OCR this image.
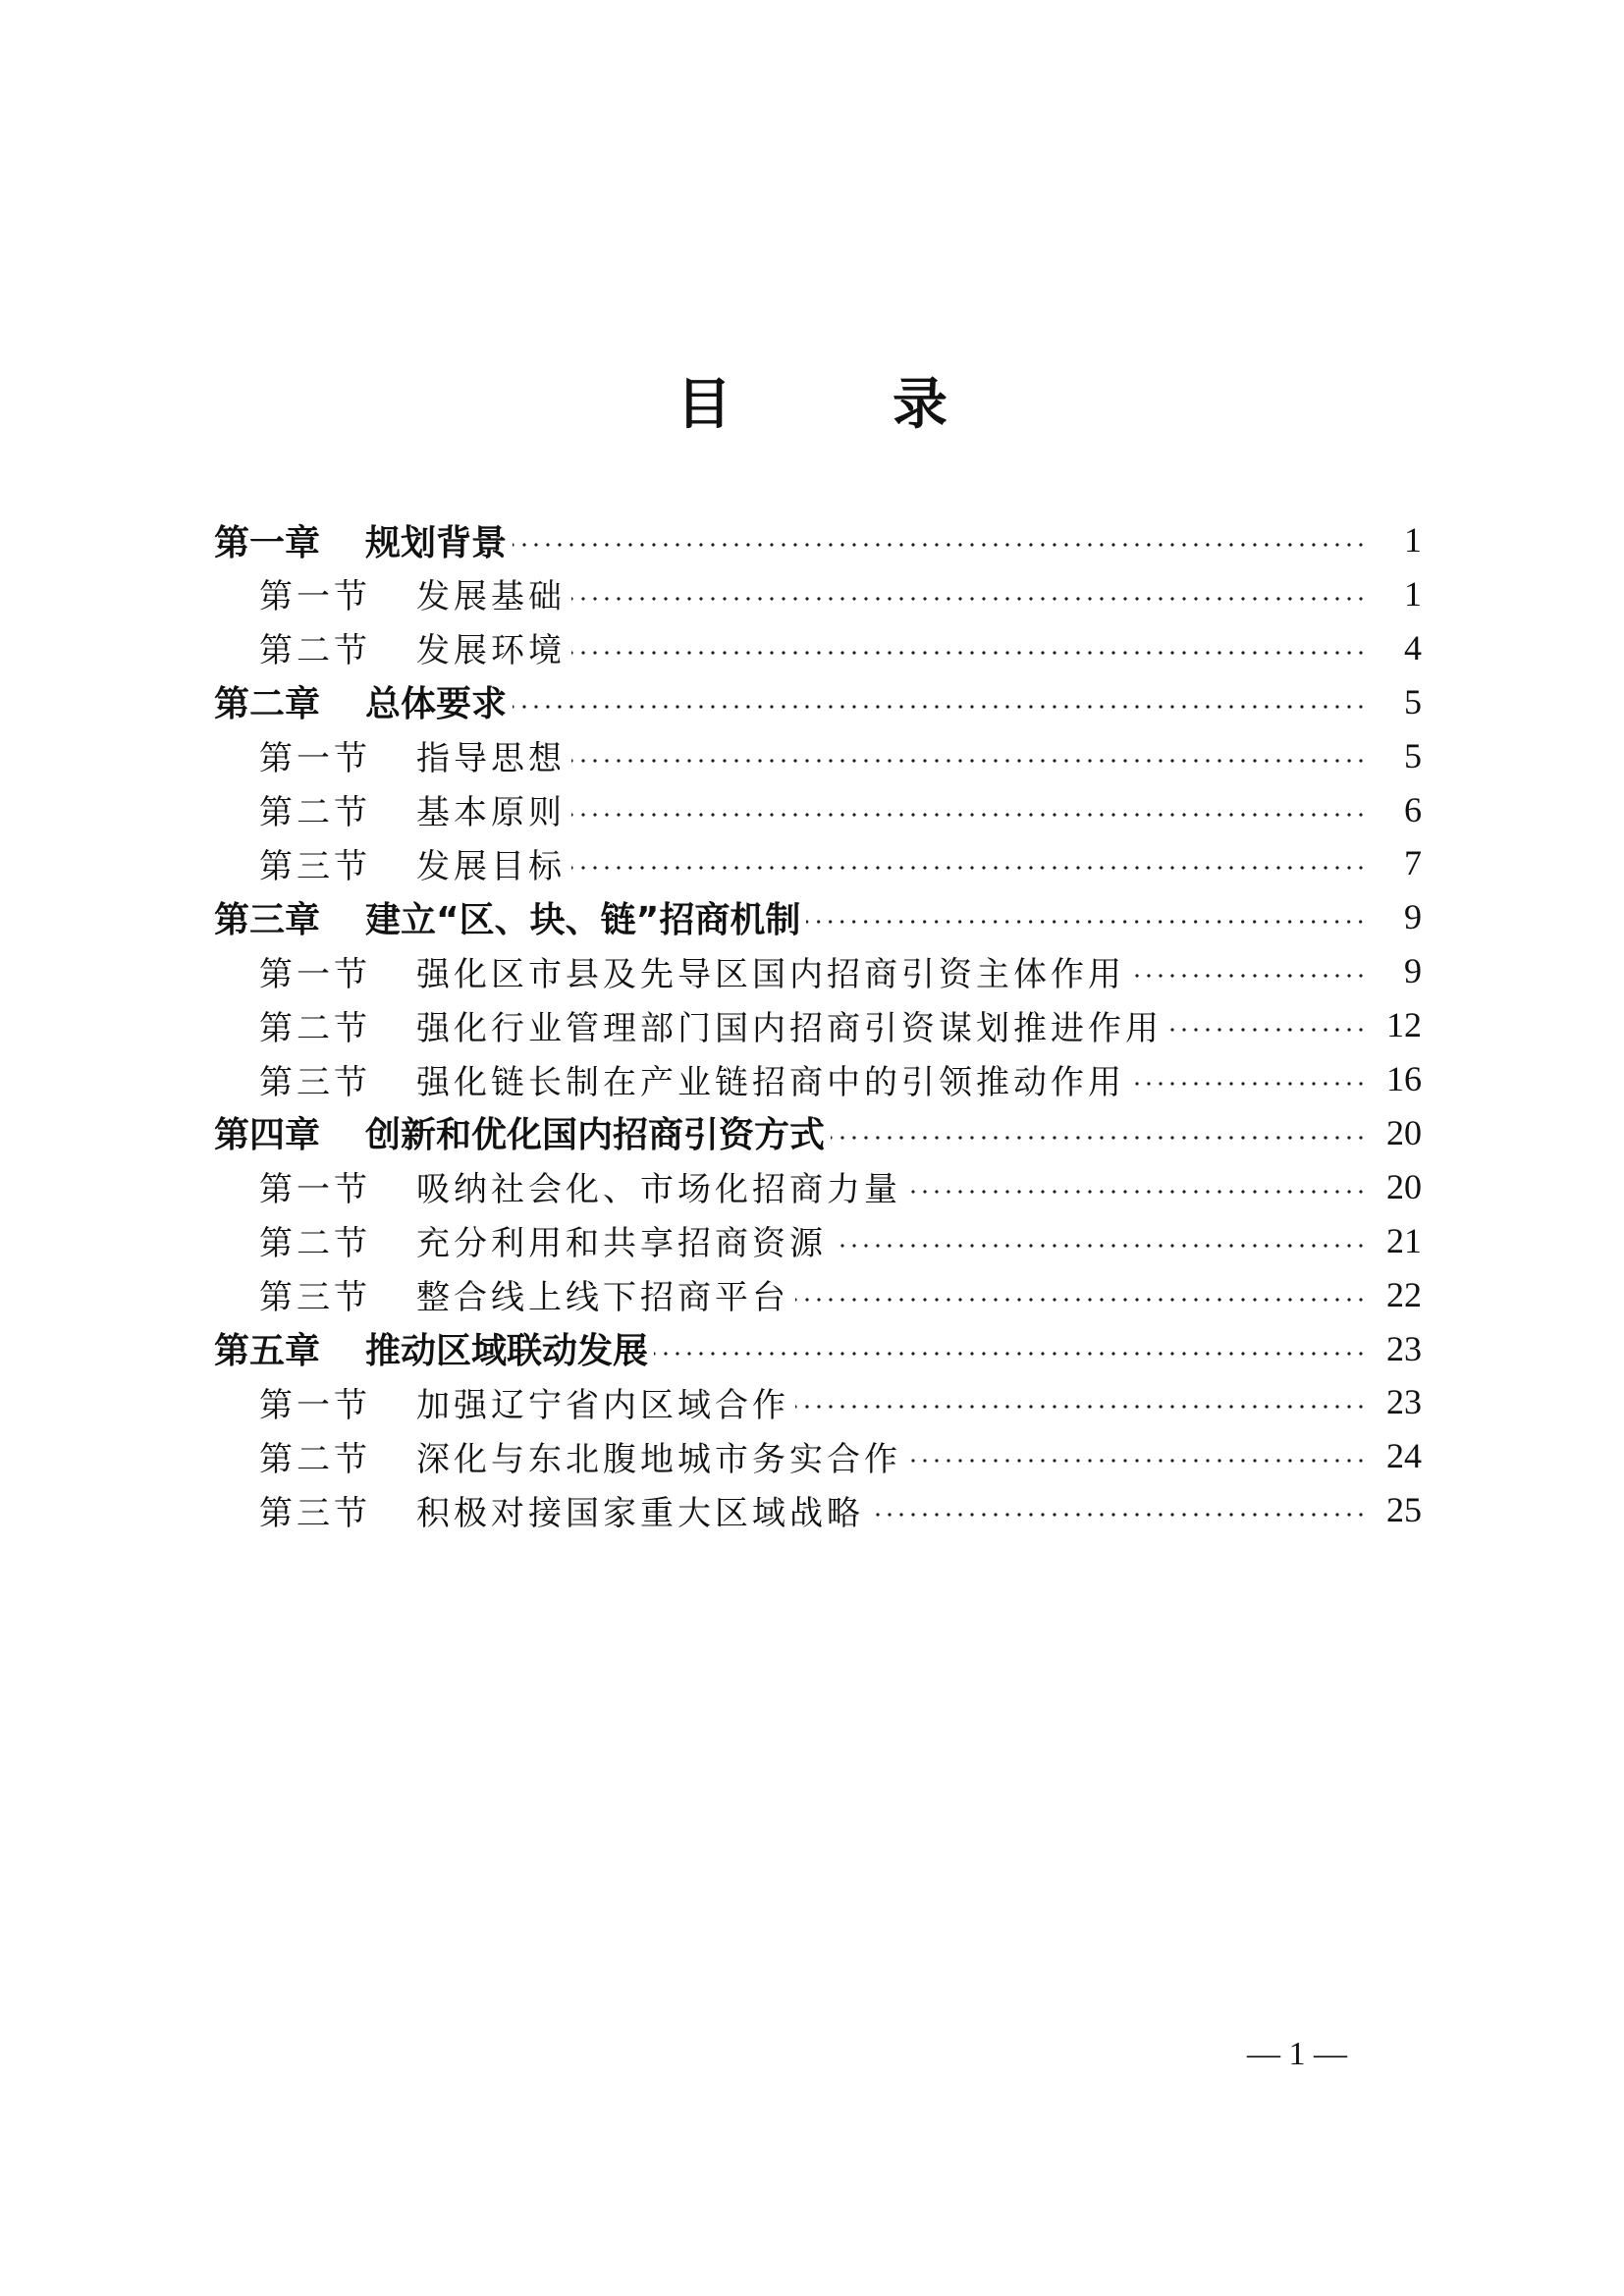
目	录
第一章 规划背景	1
第一节 发展基础	1
第二节 发展环境	4
第二章 总体要求	5
第一节 指导思想	5
第二节 基本原则	6
第三节 发展目标	7
第三章 建立“区、块、链”招商机制	9
第一节 强化区市县及先导区国内招商引资主体作用	9
第二节 强化行业管理部门国内招商引资谋划推进作用	12
第三节 强化链长制在产业链招商中的引领推动作用	16
第四章 创新和优化国内招商引资方式	20
第一节 吸纳社会化、市场化招商力量	20
第二节 充分利用和共享招商资源	21
第三节 整合线上线下招商平台	22
第五章 推动区域联动发展	23
第一节 加强辽宁省内区域合作	23
第二节 深化与东北腹地城市务实合作	24
第三节 积极对接国家重大区域战略	25
— 1 —
